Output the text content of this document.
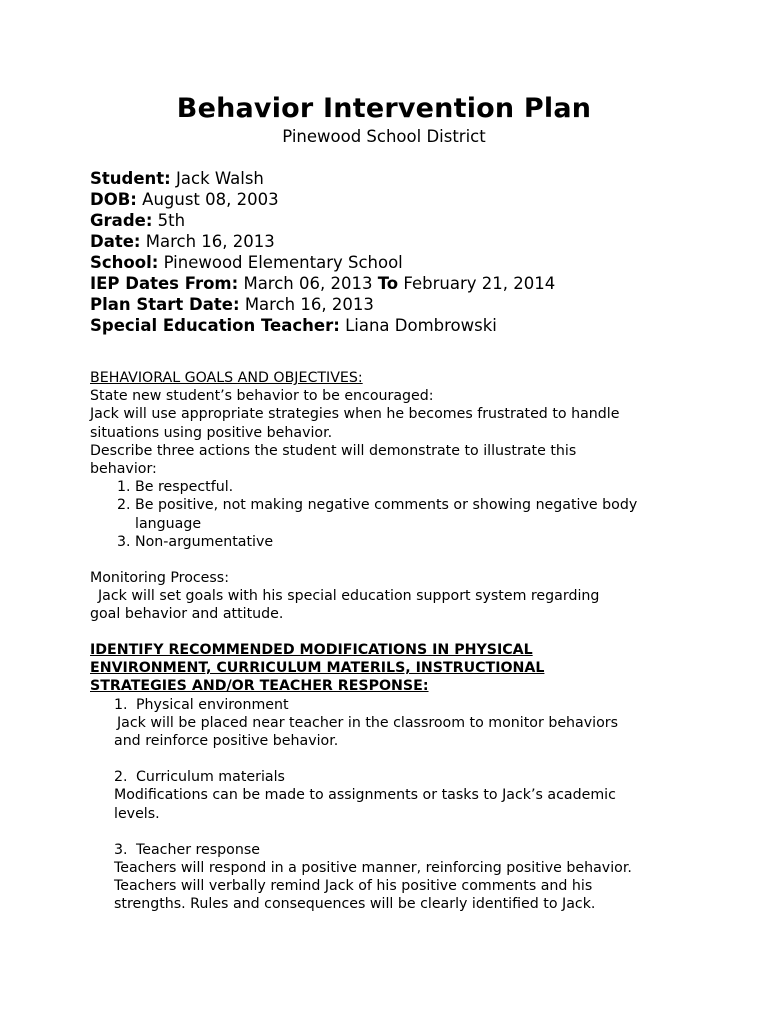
Behavior Intervention Plan
Pinewood School District
Student: Jack Walsh
DOB: August 08, 2003
Grade: 5th
Date: March 16, 2013
School: Pinewood Elementary School
IEP Dates From: March 06, 2013 To February 21, 2014
Plan Start Date: March 16, 2013
Special Education Teacher: Liana Dombrowski
BEHAVIORAL GOALS AND OBJECTIVES:
State new student’s behavior to be encouraged:
Jack will use appropriate strategies when he becomes frustrated to handle
situations using positive behavior.
Describe three actions the student will demonstrate to illustrate this
behavior:
1. Be respectful.
2. Be positive, not making negative comments or showing negative body language
3. Non-argumentative
Monitoring Process:
Jack will set goals with his special education support system regarding
goal behavior and attitude.
IDENTIFY RECOMMENDED MODIFICATIONS IN PHYSICAL
ENVIRONMENT, CURRICULUM MATERILS, INSTRUCTIONAL
STRATEGIES AND/OR TEACHER RESPONSE:
1. Physical environment
Jack will be placed near teacher in the classroom to monitor behaviors
and reinforce positive behavior.
2. Curriculum materials
Modifications can be made to assignments or tasks to Jack’s academic
levels.
3. Teacher response
Teachers will respond in a positive manner, reinforcing positive behavior.
Teachers will verbally remind Jack of his positive comments and his
strengths. Rules and consequences will be clearly identified to Jack.
